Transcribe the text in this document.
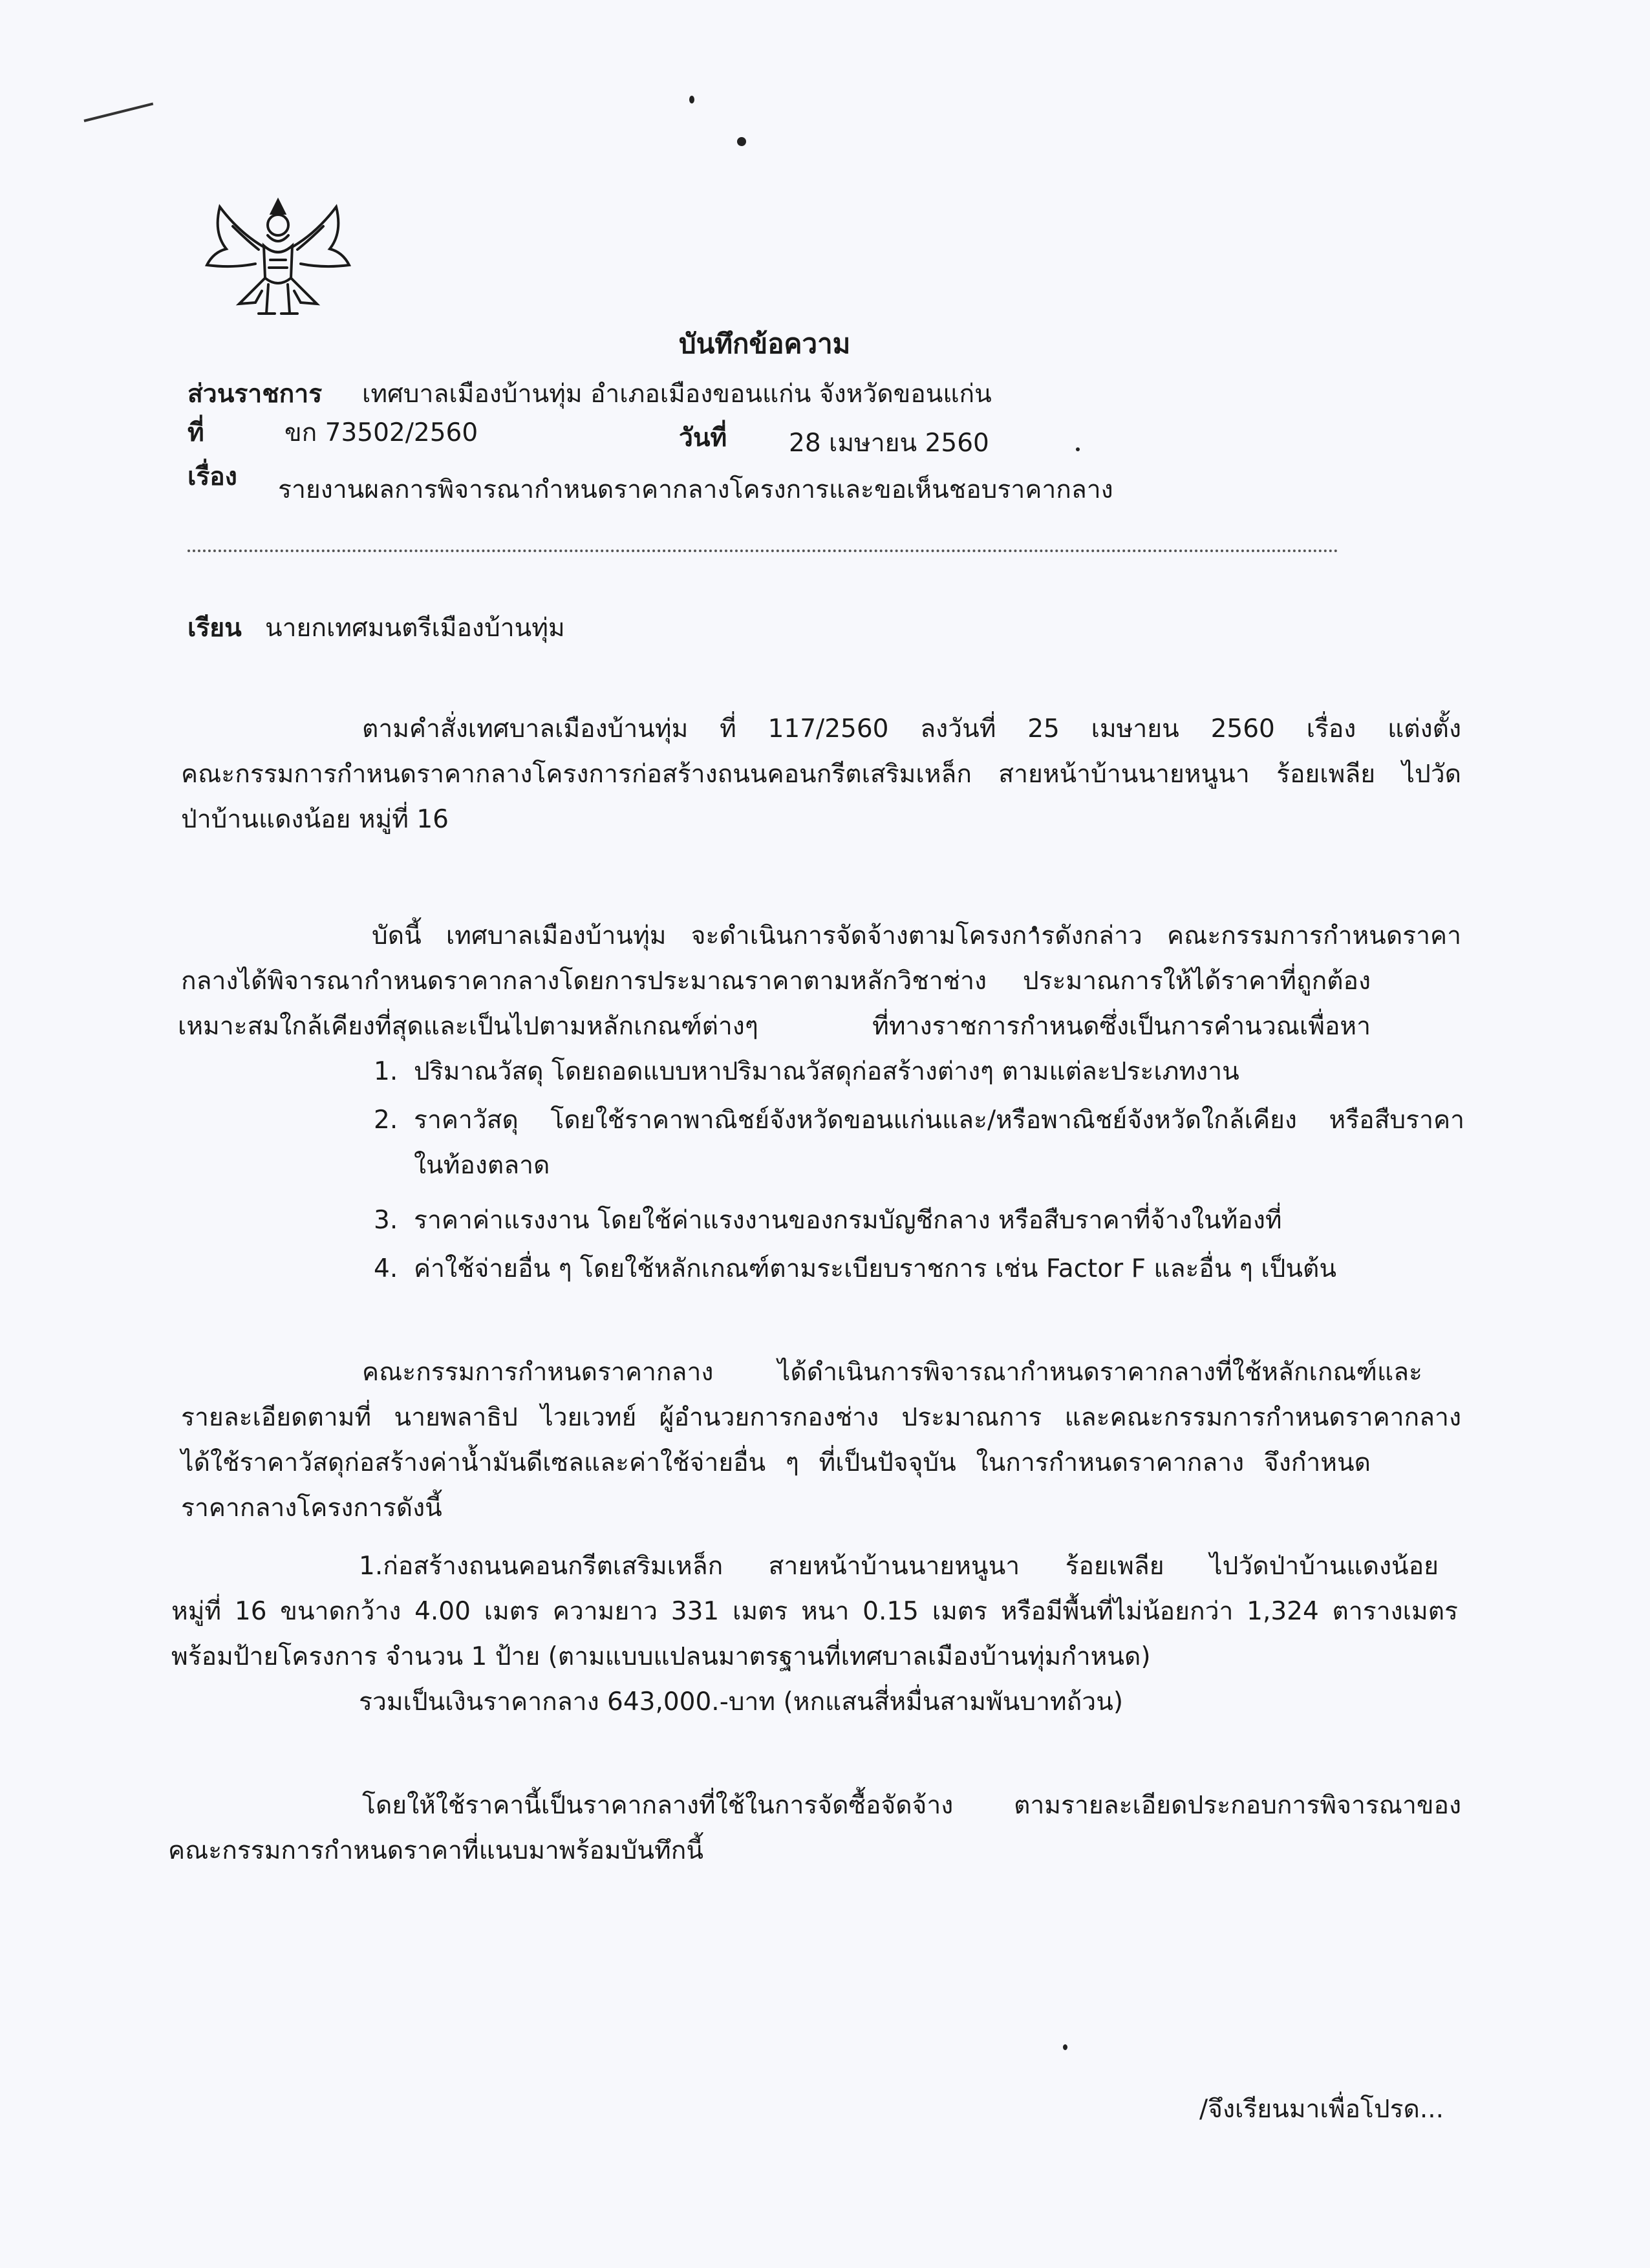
บันทึกข้อความ
ส่วนราชการ เทศบาลเมืองบ้านทุ่ม อำเภอเมืองขอนแก่น จังหวัดขอนแก่น
ที่	ขก 73502/2560	วันที่ 28 เมษายน 2560
เรื่อง รายงานผลการพิจารณากำหนดราคากลางโครงการและขอเห็นชอบราคากลาง
เรียน นายกเทศมนตรีเมืองบ้านทุ่ม
ตามคำสั่งเทศบาลเมืองบ้านทุ่ม ที่ 117/2560 ลงวันที่ 25 เมษายน 2560 เรื่อง แต่งตั้ง
คณะกรรมการกำหนดราคากลางโครงการก่อสร้างถนนคอนกรีตเสริมเหล็ก สายหน้าบ้านนายหนูนา ร้อยเพลีย ไปวัด
ป่าบ้านแดงน้อย หมู่ที่ 16
บัดนี้ เทศบาลเมืองบ้านทุ่ม จะดำเนินการจัดจ้างตามโครงการดังกล่าว คณะกรรมการกำหนดราคา
กลางได้พิจารณากำหนดราคากลางโดยการประมาณราคาตามหลักวิชาช่าง ประมาณการให้ได้ราคาที่ถูกต้อง
เหมาะสมใกล้เคียงที่สุดและเป็นไปตามหลักเกณฑ์ต่างๆ ที่ทางราชการกำหนดซึ่งเป็นการคำนวณเพื่อหา
1. ปริมาณวัสดุ โดยถอดแบบหาปริมาณวัสดุก่อสร้างต่างๆ ตามแต่ละประเภทงาน
2. ราคาวัสดุ โดยใช้ราคาพาณิชย์จังหวัดขอนแก่นและ/หรือพาณิชย์จังหวัดใกล้เคียง หรือสืบราคา
ในท้องตลาด
3. ราคาค่าแรงงาน โดยใช้ค่าแรงงานของกรมบัญชีกลาง หรือสืบราคาที่จ้างในท้องที่
4. ค่าใช้จ่ายอื่น ๆ โดยใช้หลักเกณฑ์ตามระเบียบราชการ เช่น Factor F และอื่น ๆ เป็นต้น
คณะกรรมการกำหนดราคากลาง ได้ดำเนินการพิจารณากำหนดราคากลางที่ใช้หลักเกณฑ์และ
รายละเอียดตามที่ นายพลาธิป ไวยเวทย์ ผู้อำนวยการกองช่าง ประมาณการ และคณะกรรมการกำหนดราคากลาง
ได้ใช้ราคาวัสดุก่อสร้างค่าน้ำมันดีเซลและค่าใช้จ่ายอื่น ๆ ที่เป็นปัจจุบัน ในการกำหนดราคากลาง จึงกำหนด
ราคากลางโครงการดังนี้
1.ก่อสร้างถนนคอนกรีตเสริมเหล็ก สายหน้าบ้านนายหนูนา ร้อยเพลีย ไปวัดป่าบ้านแดงน้อย
หมู่ที่ 16 ขนาดกว้าง 4.00 เมตร ความยาว 331 เมตร หนา 0.15 เมตร หรือมีพื้นที่ไม่น้อยกว่า 1,324 ตารางเมตร
พร้อมป้ายโครงการ จำนวน 1 ป้าย (ตามแบบแปลนมาตรฐานที่เทศบาลเมืองบ้านทุ่มกำหนด)
รวมเป็นเงินราคากลาง 643,000.-บาท (หกแสนสี่หมื่นสามพันบาทถ้วน)
โดยให้ใช้ราคานี้เป็นราคากลางที่ใช้ในการจัดซื้อจัดจ้าง ตามรายละเอียดประกอบการพิจารณาของ
คณะกรรมการกำหนดราคาที่แนบมาพร้อมบันทึกนี้
/จึงเรียนมาเพื่อโปรด...
